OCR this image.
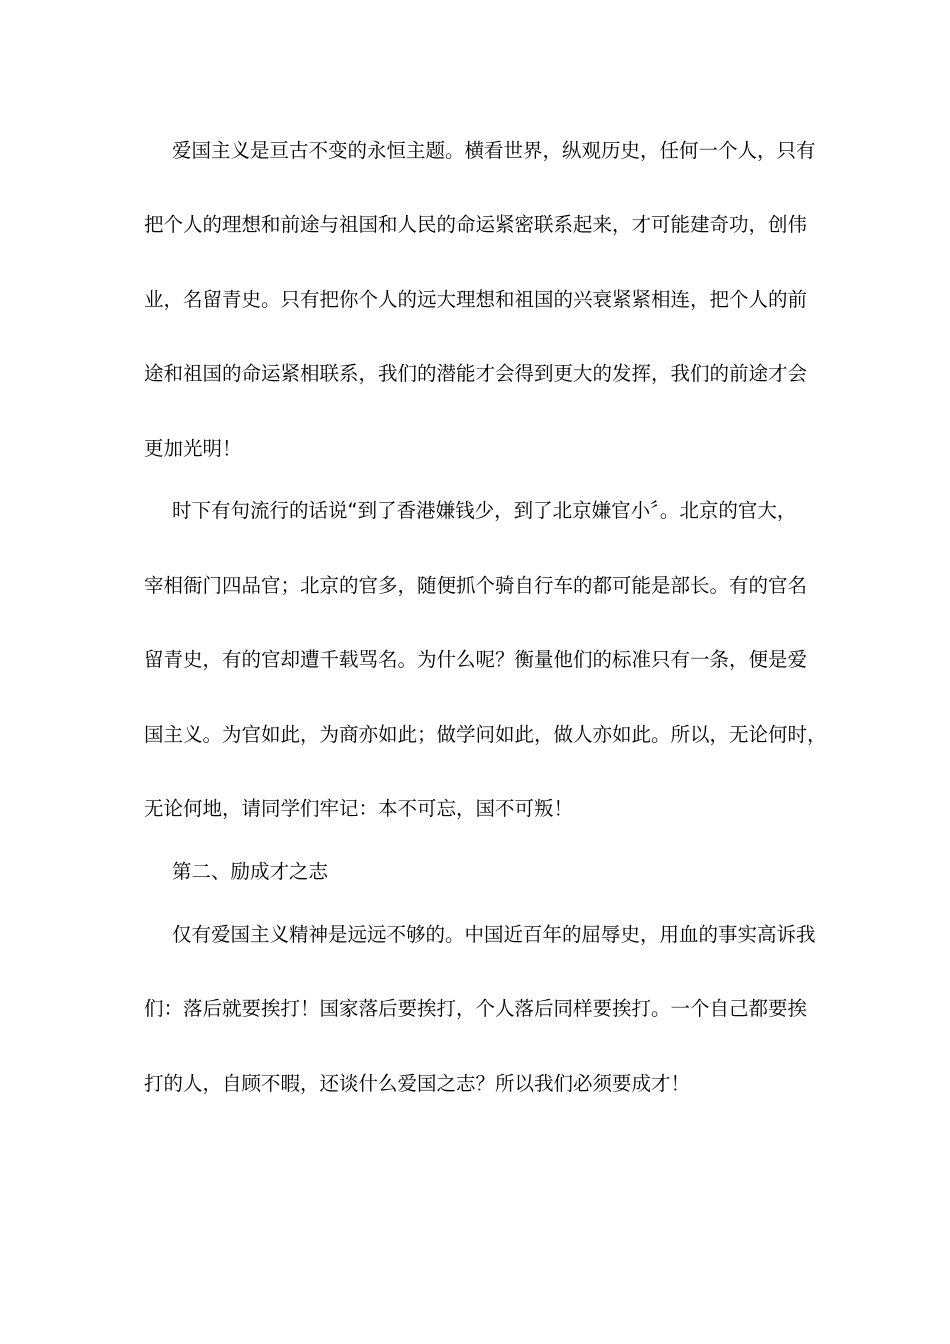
爱国主义是亘古不变的永恒主题。横看世界，纵观历史，任何一个人，只有
把个人的理想和前途与祖国和人民的命运紧密联系起来，才可能建奇功，创伟
业，名留青史。只有把你个人的远大理想和祖国的兴衰紧紧相连，把个人的前
途和祖国的命运紧相联系，我们的潜能才会得到更大的发挥，我们的前途才会
更加光明！
时下有句流行的话说“到了香港嫌钱少，到了北京嫌官小〞。北京的官大，
宰相衙门四品官；北京的官多，随便抓个骑自行车的都可能是部长。有的官名
留青史，有的官却遭千载骂名。为什么呢？衡量他们的标准只有一条，便是爱
国主义。为官如此，为商亦如此；做学问如此，做人亦如此。所以，无论何时，
无论何地，请同学们牢记：本不可忘，国不可叛！
第二、励成才之志
仅有爱国主义精神是远远不够的。中国近百年的屈辱史，用血的事实高诉我
们：落后就要挨打！国家落后要挨打，个人落后同样要挨打。一个自己都要挨
打的人，自顾不暇，还谈什么爱国之志？所以我们必须要成才！
